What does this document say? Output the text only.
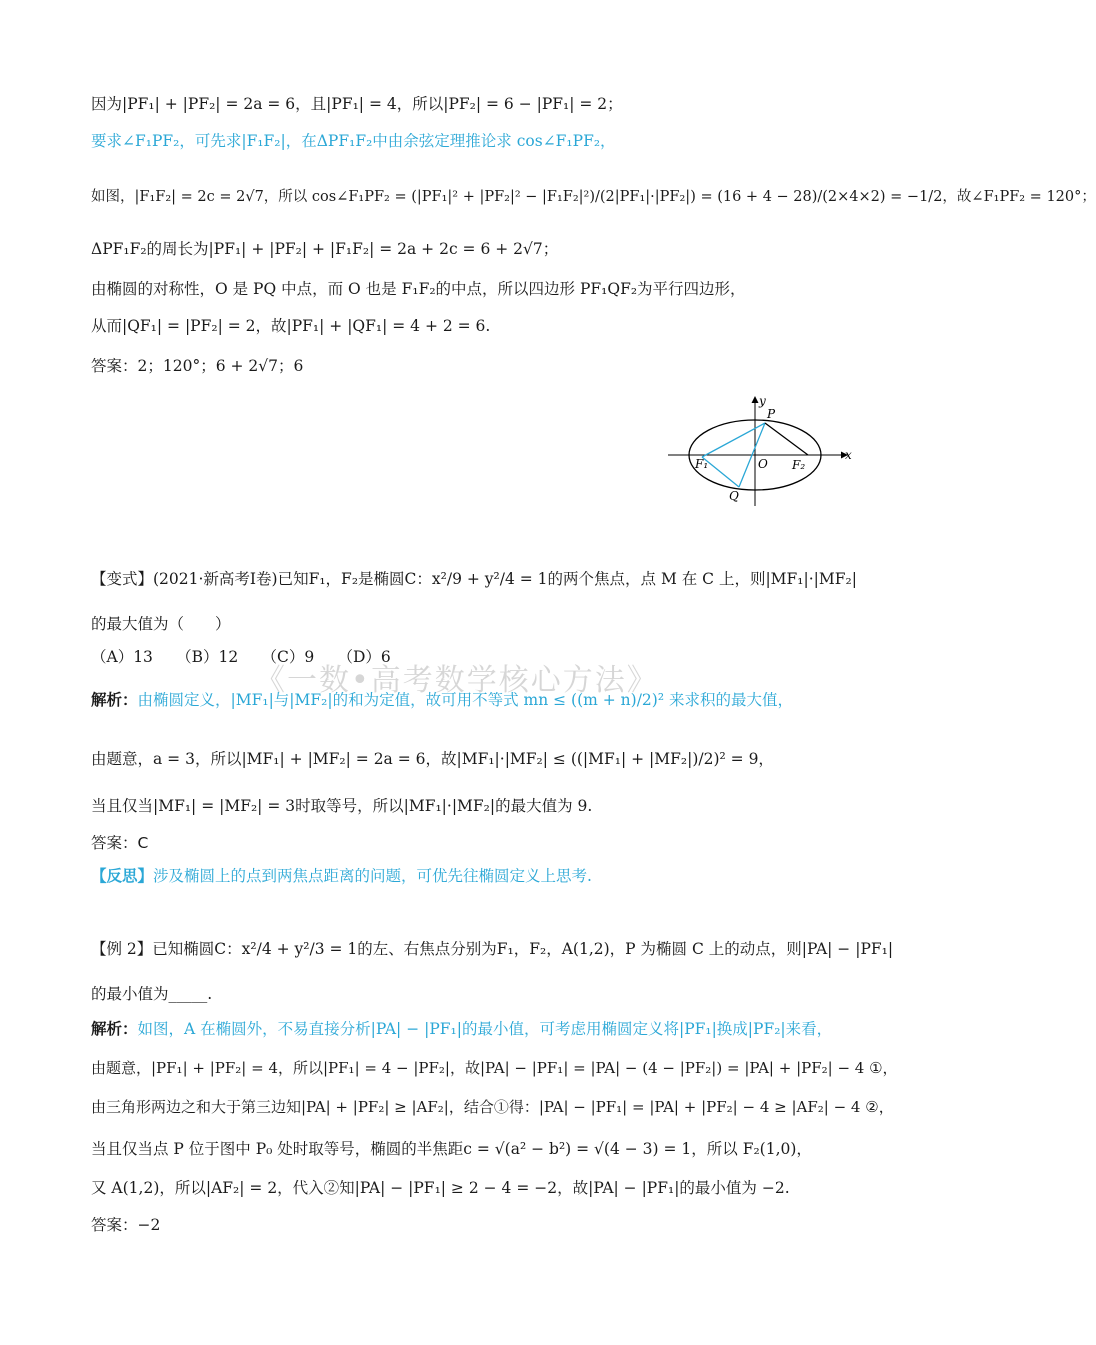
因为|PF₁| + |PF₂| = 2a = 6，且|PF₁| = 4，所以|PF₂| = 6 − |PF₁| = 2；
要求∠F₁PF₂，可先求|F₁F₂|，在ΔPF₁F₂中由余弦定理推论求 cos∠F₁PF₂，
如图，|F₁F₂| = 2c = 2√7，所以 cos∠F₁PF₂ = (|PF₁|² + |PF₂|² − |F₁F₂|²)/(2|PF₁|·|PF₂|) = (16 + 4 − 28)/(2×4×2) = −1/2，故∠F₁PF₂ = 120°；
ΔPF₁F₂的周长为|PF₁| + |PF₂| + |F₁F₂| = 2a + 2c = 6 + 2√7；
由椭圆的对称性，O 是 PQ 中点，而 O 也是 F₁F₂的中点，所以四边形 PF₁QF₂为平行四边形，
从而|QF₁| = |PF₂| = 2，故|PF₁| + |QF₁| = 4 + 2 = 6.
答案：2；120°；6 + 2√7；6
y
x
P
O
F₁	F₂
Q
【变式】(2021·新高考Ⅰ卷)已知F₁，F₂是椭圆C：x²/9 + y²/4 = 1的两个焦点，点 M 在 C 上，则|MF₁|·|MF₂|
的最大值为（　　）
（A）13　　（B）12　　（C）9　　（D）6
《一数•高考数学核心方法》
解析：由椭圆定义，|MF₁|与|MF₂|的和为定值，故可用不等式 mn ≤ ((m + n)/2)² 来求积的最大值，
由题意，a = 3，所以|MF₁| + |MF₂| = 2a = 6，故|MF₁|·|MF₂| ≤ ((|MF₁| + |MF₂|)/2)² = 9，
当且仅当|MF₁| = |MF₂| = 3时取等号，所以|MF₁|·|MF₂|的最大值为 9.
答案：C
【反思】涉及椭圆上的点到两焦点距离的问题，可优先往椭圆定义上思考.
【例 2】已知椭圆C：x²/4 + y²/3 = 1的左、右焦点分别为F₁，F₂，A(1,2)，P 为椭圆 C 上的动点，则|PA| − |PF₁|
的最小值为_____.
解析：如图，A 在椭圆外，不易直接分析|PA| − |PF₁|的最小值，可考虑用椭圆定义将|PF₁|换成|PF₂|来看，
由题意，|PF₁| + |PF₂| = 4，所以|PF₁| = 4 − |PF₂|，故|PA| − |PF₁| = |PA| − (4 − |PF₂|) = |PA| + |PF₂| − 4 ①，
由三角形两边之和大于第三边知|PA| + |PF₂| ≥ |AF₂|，结合①得：|PA| − |PF₁| = |PA| + |PF₂| − 4 ≥ |AF₂| − 4 ②，
当且仅当点 P 位于图中 P₀ 处时取等号，椭圆的半焦距c = √(a² − b²) = √(4 − 3) = 1，所以 F₂(1,0)，
又 A(1,2)，所以|AF₂| = 2，代入②知|PA| − |PF₁| ≥ 2 − 4 = −2，故|PA| − |PF₁|的最小值为 −2.
答案：−2
